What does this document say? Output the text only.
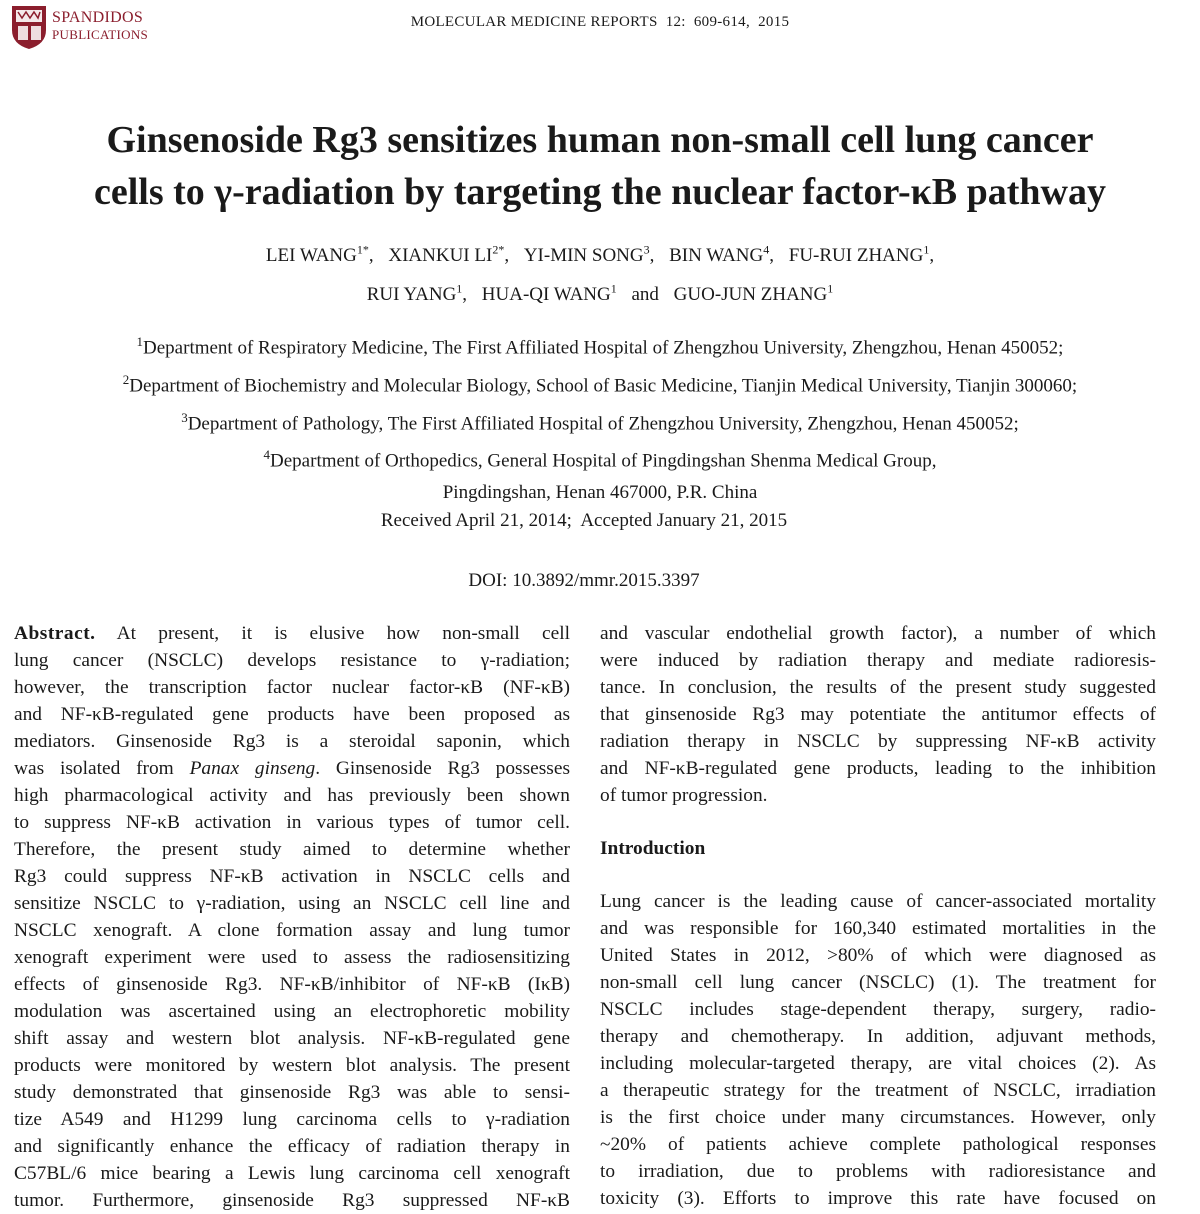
SPANDIDOS
PUBLICATIONS
MOLECULAR MEDICINE REPORTS  12:  609-614,  2015
Ginsenoside Rg3 sensitizes human non-small cell lung cancer
cells to γ-radiation by targeting the nuclear factor-κB pathway
LEI $WANG^{1*}$, XIANKUI $LI^{2*}$, YI-MIN SONG$^3$, BIN WANG$^4$, FU-RUI ZHANG$^1$,
RUI YANG$^1$, HUA-QI WANG$^1$ and GUO-JUN ZHANG$^1$
$^1$Department of Respiratory Medicine, The First Affiliated Hospital of Zhengzhou University, Zhengzhou, Henan 450052;
$^2$Department of Biochemistry and Molecular Biology, School of Basic Medicine, Tianjin Medical University, Tianjin 300060;
$^3$Department of Pathology, The First Affiliated Hospital of Zhengzhou University, Zhengzhou, Henan 450052;
$^4$Department of Orthopedics, General Hospital of Pingdingshan Shenma Medical Group,
Pingdingshan, Henan 467000, P.R. China
Received April 21, 2014;  Accepted January 21, 2015
DOI: 10.3892/mmr.2015.3397

Abstract. At present, it is elusive how non-small cell
lung cancer (NSCLC) develops resistance to γ-radiation;
however, the transcription factor nuclear factor-κB (NF-κB)
and NF-κB-regulated gene products have been proposed as
mediators. Ginsenoside Rg3 is a steroidal saponin, which
was isolated from Panax ginseng. Ginsenoside Rg3 possesses
high pharmacological activity and has previously been shown
to suppress NF-κB activation in various types of tumor cell.
Therefore, the present study aimed to determine whether
Rg3 could suppress NF-κB activation in NSCLC cells and
sensitize NSCLC to γ-radiation, using an NSCLC cell line and
NSCLC xenograft. A clone formation assay and lung tumor
xenograft experiment were used to assess the radiosensitizing
effects of ginsenoside Rg3. NF-κB/inhibitor of NF-κB (IκB)
modulation was ascertained using an electrophoretic mobility
shift assay and western blot analysis. NF-κB-regulated gene
products were monitored by western blot analysis. The present
study demonstrated that ginsenoside Rg3 was able to sensi-
tize A549 and H1299 lung carcinoma cells to γ-radiation
and significantly enhance the efficacy of radiation therapy in
C57BL/6 mice bearing a Lewis lung carcinoma cell xenograft
tumor. Furthermore, ginsenoside Rg3 suppressed NF-κB

and vascular endothelial growth factor), a number of which
were induced by radiation therapy and mediate radioresis-
tance. In conclusion, the results of the present study suggested
that ginsenoside Rg3 may potentiate the antitumor effects of
radiation therapy in NSCLC by suppressing NF-κB activity
and NF-κB-regulated gene products, leading to the inhibition
of tumor progression.

Introduction

Lung cancer is the leading cause of cancer-associated mortality
and was responsible for 160,340 estimated mortalities in the
United States in 2012, >80% of which were diagnosed as
non-small cell lung cancer (NSCLC) (1). The treatment for
NSCLC includes stage-dependent therapy, surgery, radio-
therapy and chemotherapy. In addition, adjuvant methods,
including molecular-targeted therapy, are vital choices (2). As
a therapeutic strategy for the treatment of NSCLC, irradiation
is the first choice under many circumstances. However, only
~20% of patients achieve complete pathological responses
to irradiation, due to problems with radioresistance and
toxicity (3). Efforts to improve this rate have focused on
